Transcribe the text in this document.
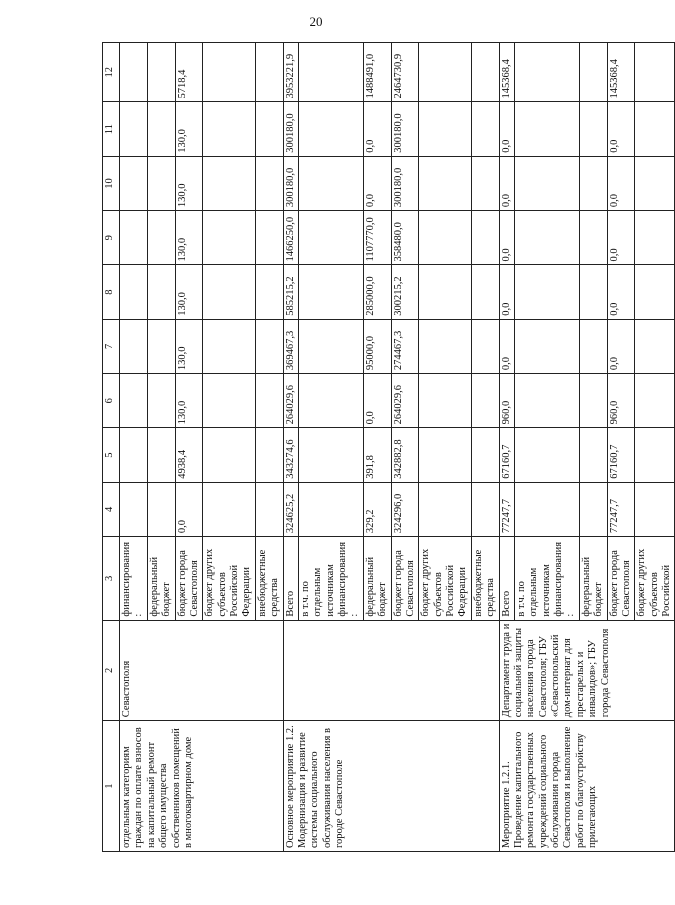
20
1	2	3	4	5	6	7	8	9	10	11	12
отдельным категориям граждан по оплате взносов на капитальный ремонт общего имущества собственников помещений в многоквартирном доме	Севастополя	финансирования:									
		федеральный бюджет									
		бюджет города Севастополя	0,0	4938,4	130,0	130,0	130,0	130,0	130,0	130,0	5718,4
		бюджет других субъектов Российской Федерации									
		внебюджетные средства									
Основное мероприятие 1.2. Модернизация и развитие системы социального обслуживания населения в городе Севастополе		Всего	324625,2	343274,6	264029,6	369467,3	585215,2	1466250,0	300180,0	300180,0	3953221,9
		в т.ч. по отдельным источникам финансирования:									
		федеральный бюджет	329,2	391,8	0,0	95000,0	285000,0	1107770,0	0,0	0,0	1488491,0
		бюджет города Севастополя	324296,0	342882,8	264029,6	274467,3	300215,2	358480,0	300180,0	300180,0	2464730,9
		бюджет других субъектов Российской Федерации									
		внебюджетные средства									
Мероприятие 1.2.1. Проведение капитального ремонта государственных учреждений социального обслуживания города Севастополя и выполнение работ по благоустройству прилегающих	Департамент труда и социальной защиты населения города Севастополя; ГБУ «Севастопольский дом-интернат для престарелых и инвалидов»; ГБУ города Севастополя	Всего	77247,7	67160,7	960,0	0,0	0,0	0,0	0,0	0,0	145368,4
		в т.ч. по отдельным источникам финансирования:									
		федеральный бюджет									
		бюджет города Севастополя	77247,7	67160,7	960,0	0,0	0,0	0,0	0,0	0,0	145368,4
		бюджет других субъектов Российской									
